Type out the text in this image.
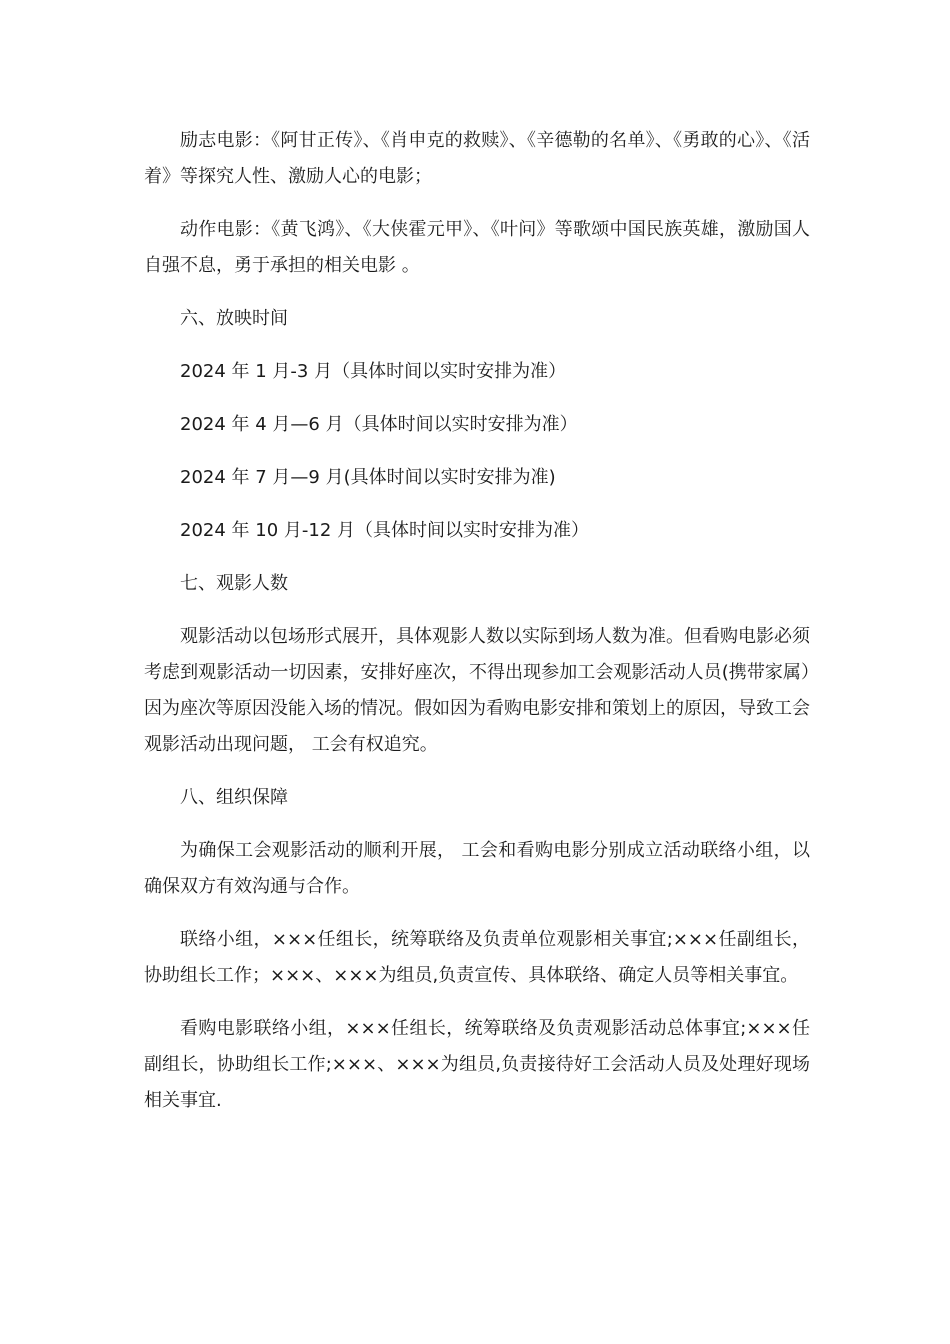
励志电影：《阿甘正传》、《肖申克的救赎》、《辛德勒的名单》、《勇敢的心》、《活着》等探究人性、激励人心的电影；

动作电影：《黄飞鸿》、《大侠霍元甲》、《叶问》等歌颂中国民族英雄，激励国人自强不息，勇于承担的相关电影 。

六、放映时间

2024 年 1 月-3 月（具体时间以实时安排为准）

2024 年 4 月—6 月（具体时间以实时安排为准）

2024 年 7 月—9 月(具体时间以实时安排为准)

2024 年 10 月-12 月（具体时间以实时安排为准）

七、观影人数

观影活动以包场形式展开，具体观影人数以实际到场人数为准。但看购电影必须考虑到观影活动一切因素，安排好座次，不得出现参加工会观影活动人员(携带家属）因为座次等原因没能入场的情况。假如因为看购电影安排和策划上的原因，导致工会观影活动出现问题， 工会有权追究。

八、组织保障

为确保工会观影活动的顺利开展， 工会和看购电影分别成立活动联络小组，以确保双方有效沟通与合作。

联络小组，×××任组长，统筹联络及负责单位观影相关事宜;×××任副组长，协助组长工作；×××、×××为组员,负责宣传、具体联络、确定人员等相关事宜。

看购电影联络小组，×××任组长，统筹联络及负责观影活动总体事宜;×××任副组长，协助组长工作;×××、×××为组员,负责接待好工会活动人员及处理好现场相关事宜.
